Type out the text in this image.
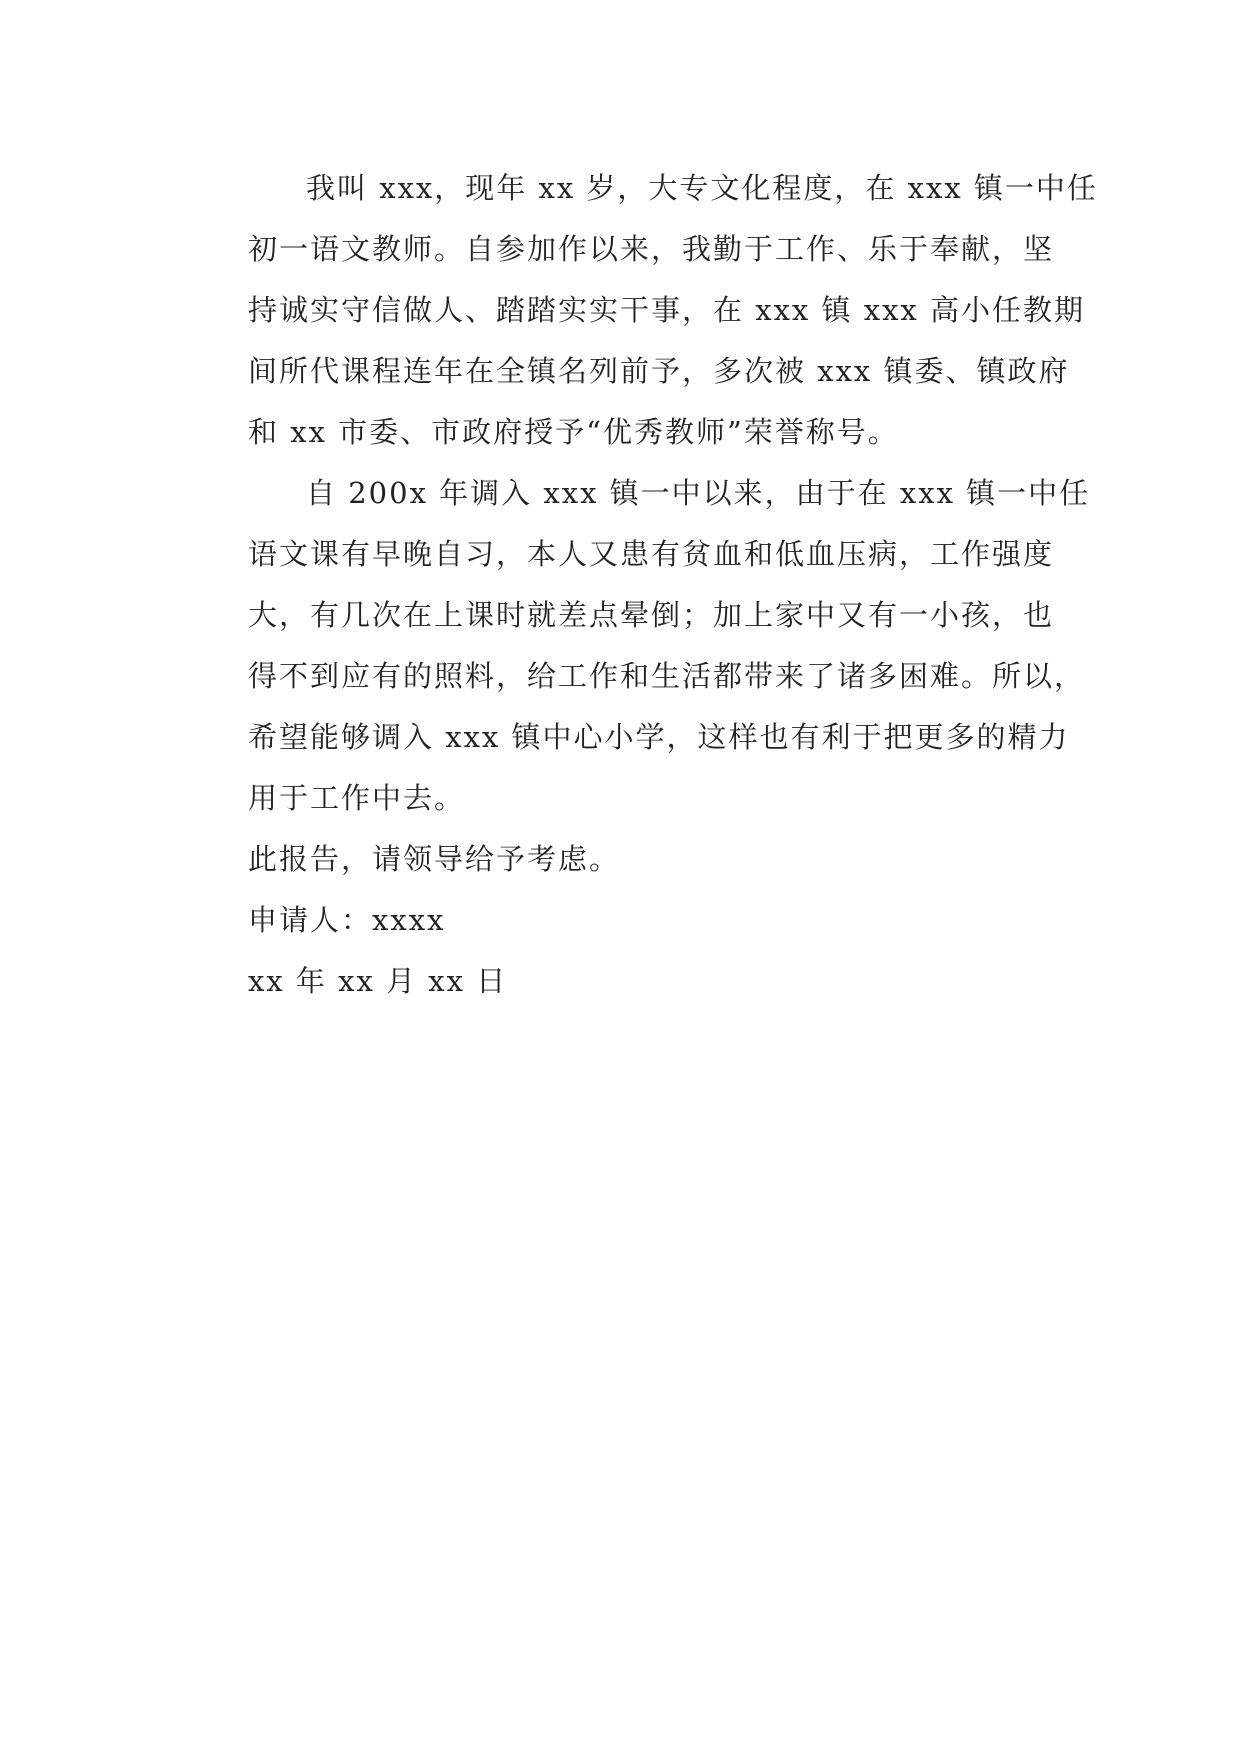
我叫 xxx，现年 xx 岁，大专文化程度，在 xxx 镇一中任
初一语文教师。自参加作以来，我勤于工作、乐于奉献，坚
持诚实守信做人、踏踏实实干事，在 xxx 镇 xxx 高小任教期
间所代课程连年在全镇名列前予，多次被 xxx 镇委、镇政府
和 xx 市委、市政府授予“优秀教师”荣誉称号。
自 200x 年调入 xxx 镇一中以来，由于在 xxx 镇一中任
语文课有早晚自习，本人又患有贫血和低血压病，工作强度
大，有几次在上课时就差点晕倒；加上家中又有一小孩，也
得不到应有的照料，给工作和生活都带来了诸多困难。所以，
希望能够调入 xxx 镇中心小学，这样也有利于把更多的精力
用于工作中去。

此报告，请领导给予考虑。

申请人：xxxx

xx 年 xx 月 xx 日
